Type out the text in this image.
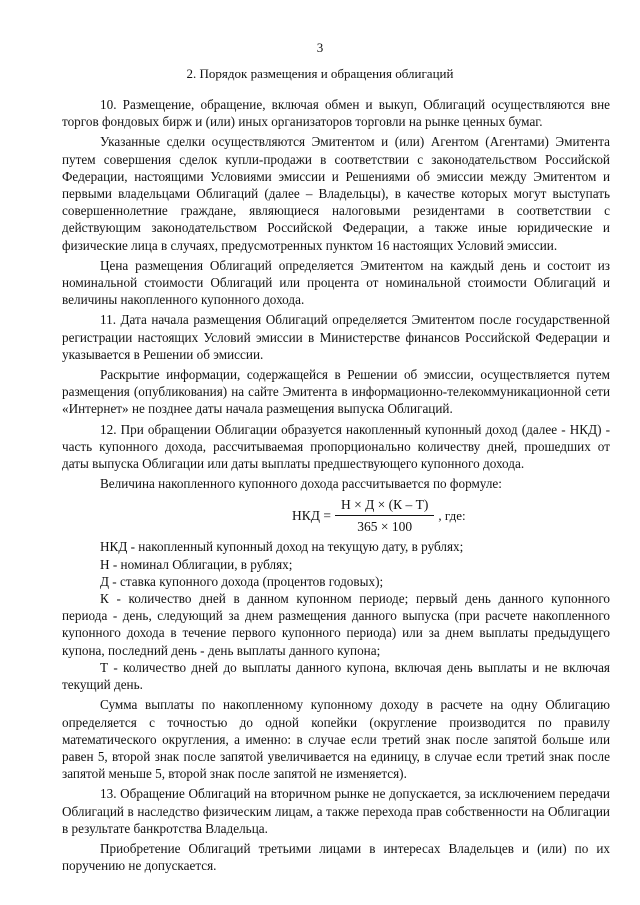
3
2. Порядок размещения и обращения облигаций

10. Размещение, обращение, включая обмен и выкуп, Облигаций осуществляются вне торгов фондовых бирж и (или) иных организаторов торговли на рынке ценных бумаг.

Указанные сделки осуществляются Эмитентом и (или) Агентом (Агентами) Эмитента путем совершения сделок купли-продажи в соответствии с законодательством Российской Федерации, настоящими Условиями эмиссии и Решениями об эмиссии между Эмитентом и первыми владельцами Облигаций (далее – Владельцы), в качестве которых могут выступать совершеннолетние граждане, являющиеся налоговыми резидентами в соответствии с действующим законодательством Российской Федерации, а также иные юридические и физические лица в случаях, предусмотренных пунктом 16 настоящих Условий эмиссии.

Цена размещения Облигаций определяется Эмитентом на каждый день и состоит из номинальной стоимости Облигаций или процента от номинальной стоимости Облигаций и величины накопленного купонного дохода.

11. Дата начала размещения Облигаций определяется Эмитентом после государственной регистрации настоящих Условий эмиссии в Министерстве финансов Российской Федерации и указывается в Решении об эмиссии.

Раскрытие информации, содержащейся в Решении об эмиссии, осуществляется путем размещения (опубликования) на сайте Эмитента в информационно-телекоммуникационной сети «Интернет» не позднее даты начала размещения выпуска Облигаций.

12. При обращении Облигации образуется накопленный купонный доход (далее - НКД) - часть купонного дохода, рассчитываемая пропорционально количеству дней, прошедших от даты выпуска Облигации или даты выплаты предшествующего купонного дохода.

Величина накопленного купонного дохода рассчитывается по формуле:

НКД = $\frac{Н \times Д \times (К - Т)}{365 \times 100}$ , где:

НКД - накопленный купонный доход на текущую дату, в рублях;

Н - номинал Облигации, в рублях;

Д - ставка купонного дохода (процентов годовых);

К - количество дней в данном купонном периоде; первый день данного купонного периода - день, следующий за днем размещения данного выпуска (при расчете накопленного купонного дохода в течение первого купонного периода) или за днем выплаты предыдущего купона, последний день - день выплаты данного купона;

Т - количество дней до выплаты данного купона, включая день выплаты и не включая текущий день.

Сумма выплаты по накопленному купонному доходу в расчете на одну Облигацию определяется с точностью до одной копейки (округление производится по правилу математического округления, а именно: в случае если третий знак после запятой больше или равен 5, второй знак после запятой увеличивается на единицу, в случае если третий знак после запятой меньше 5, второй знак после запятой не изменяется).

13. Обращение Облигаций на вторичном рынке не допускается, за исключением передачи Облигаций в наследство физическим лицам, а также перехода прав собственности на Облигации в результате банкротства Владельца.

Приобретение Облигаций третьими лицами в интересах Владельцев и (или) по их поручению не допускается.
